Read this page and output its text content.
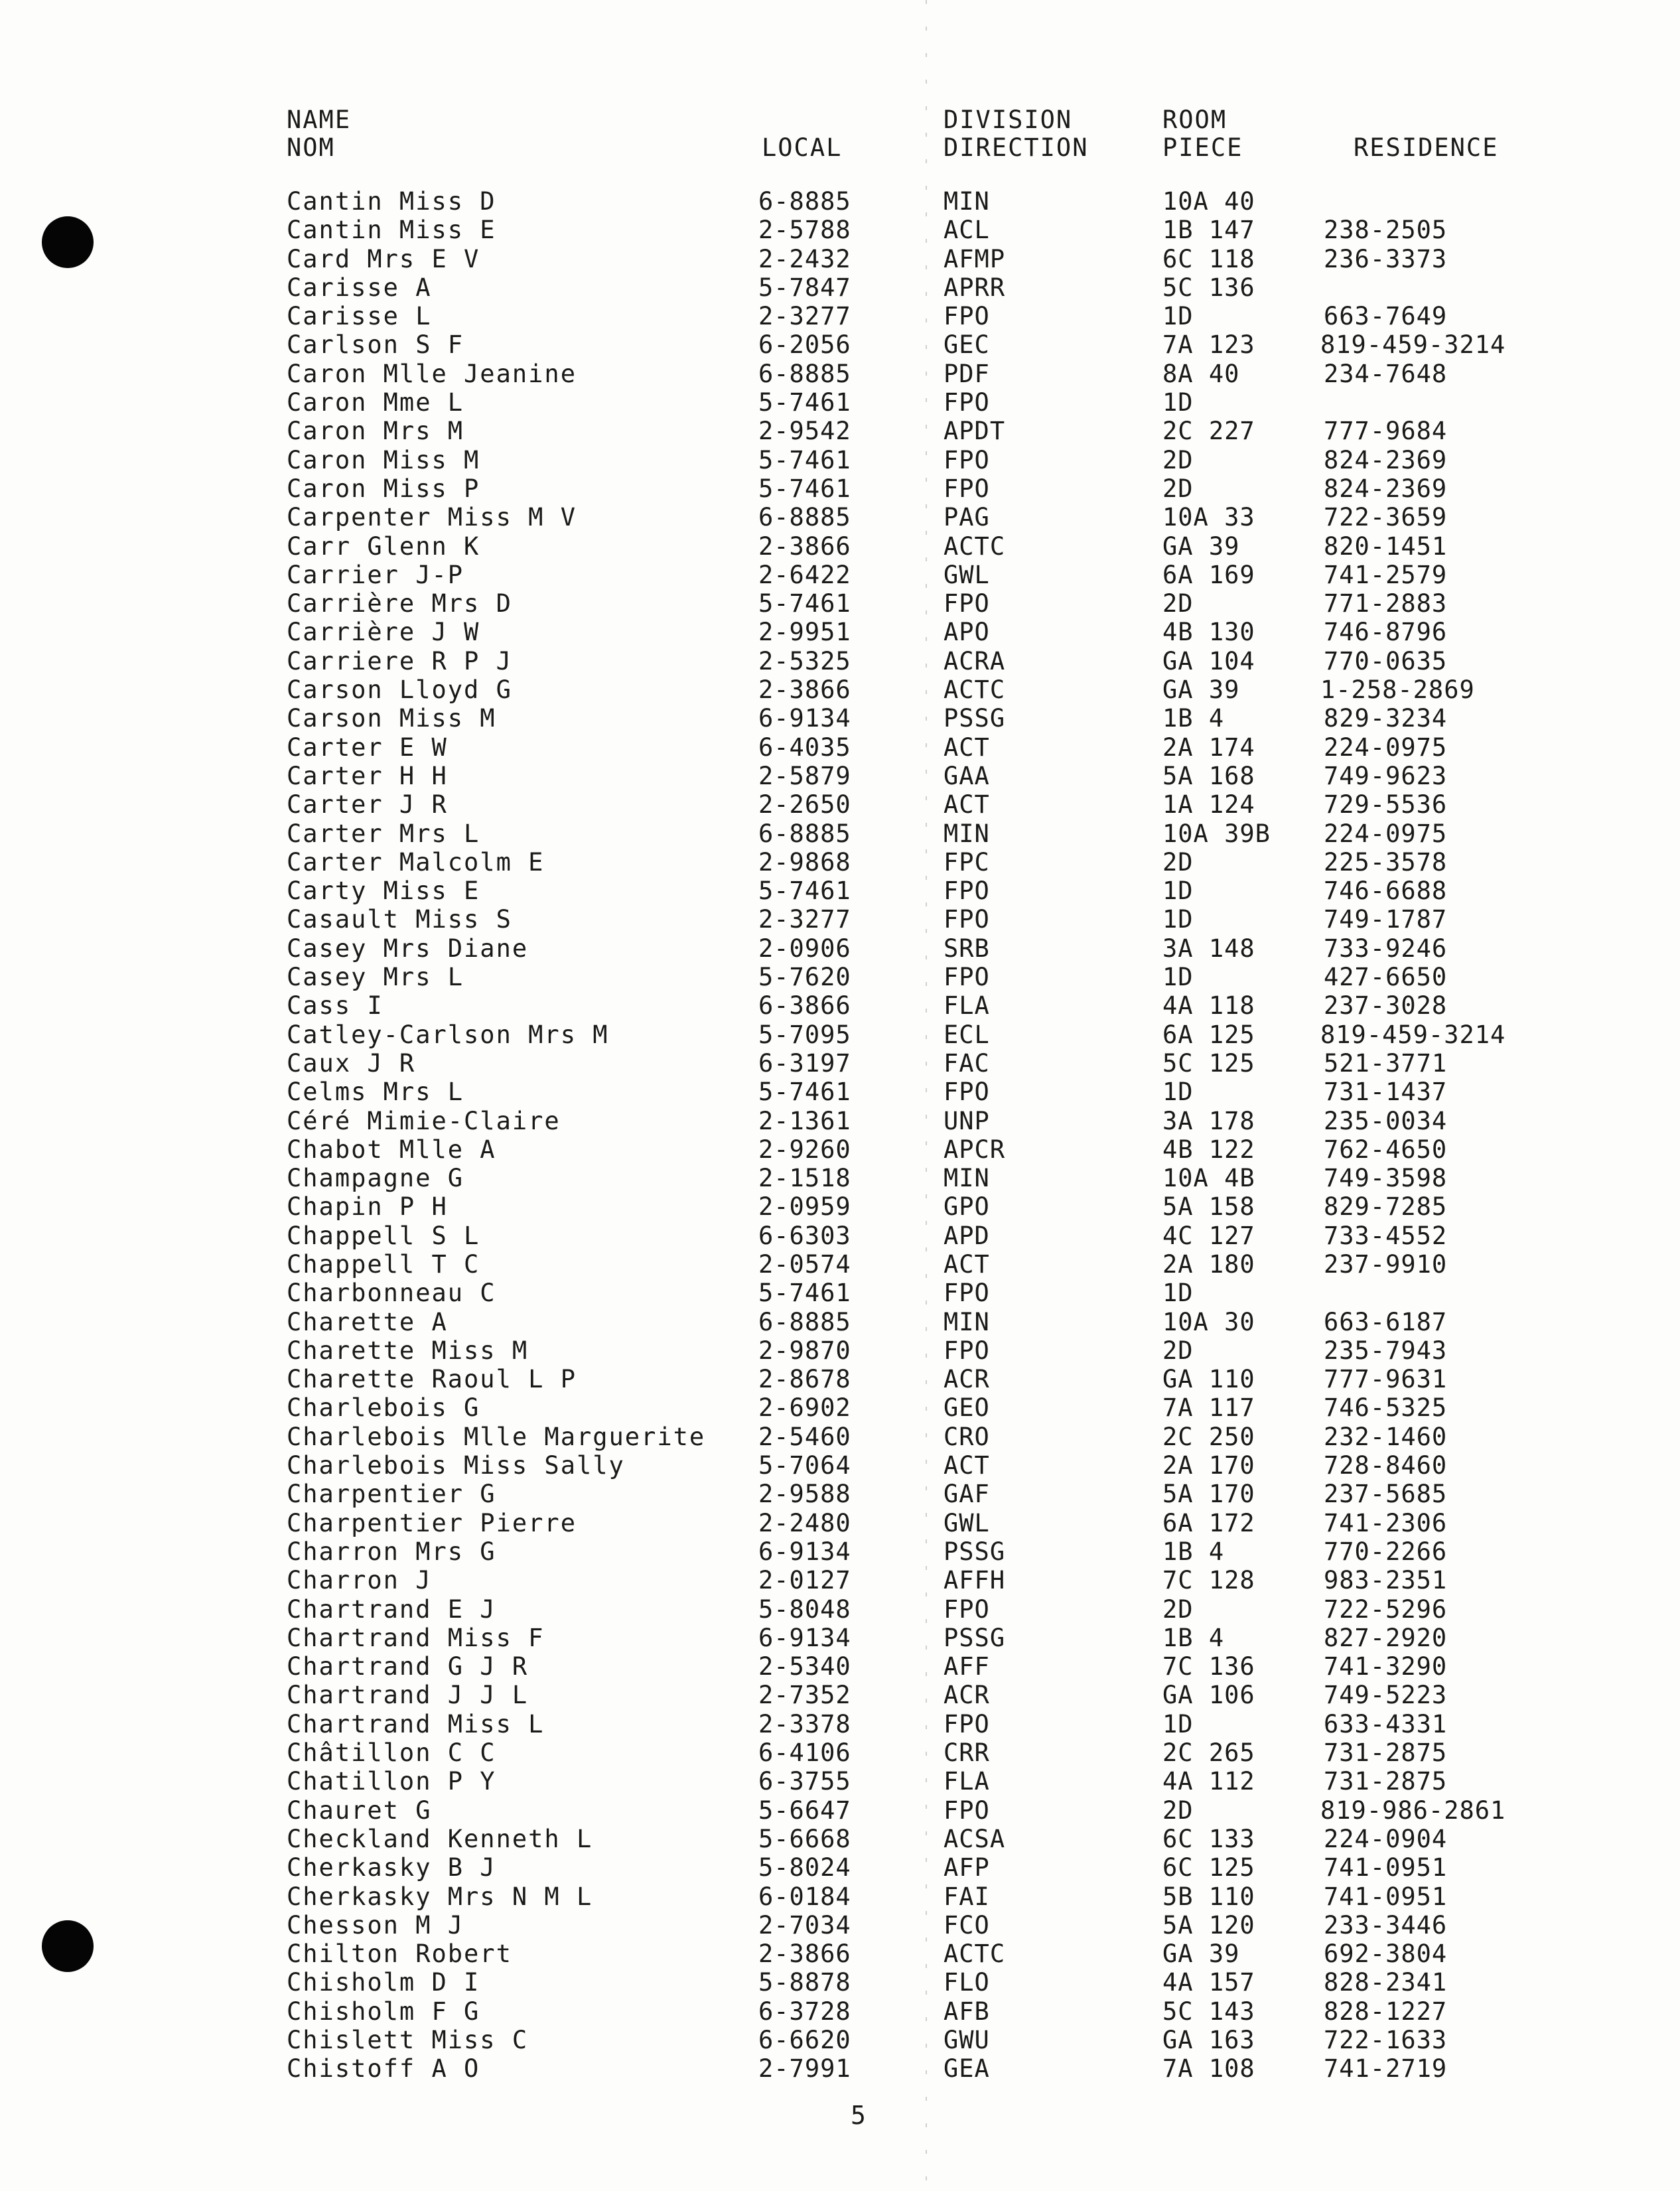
NAME
NOM	LOCAL
DIVISION
DIRECTION
ROOM
PIECE	RESIDENCE
Cantin Miss D	6-8885	MIN	10A 40
Cantin Miss E	2-5788	ACL	1B 147	238-2505
Card Mrs E V	2-2432	AFMP	6C 118	236-3373
Carisse A	5-7847	APRR	5C 136
Carisse L	2-3277	FPO	1D	663-7649
Carlson S F	6-2056	GEC	7A 123	819-459-3214
Caron Mlle Jeanine	6-8885	PDF	8A 40	234-7648
Caron Mme L	5-7461	FPO	1D
Caron Mrs M	2-9542	APDT	2C 227	777-9684
Caron Miss M	5-7461	FPO	2D	824-2369
Caron Miss P	5-7461	FPO	2D	824-2369
Carpenter Miss M V	6-8885	PAG	10A 33	722-3659
Carr Glenn K	2-3866	ACTC	GA 39	820-1451
Carrier J-P	2-6422	GWL	6A 169	741-2579
Carrière Mrs D	5-7461	FPO	2D	771-2883
Carrière J W	2-9951	APO	4B 130	746-8796
Carriere R P J	2-5325	ACRA	GA 104	770-0635
Carson Lloyd G	2-3866	ACTC	GA 39	1-258-2869
Carson Miss M	6-9134	PSSG	1B 4	829-3234
Carter E W	6-4035	ACT	2A 174	224-0975
Carter H H	2-5879	GAA	5A 168	749-9623
Carter J R	2-2650	ACT	1A 124	729-5536
Carter Mrs L	6-8885	MIN	10A 39B 224-0975
Carter Malcolm E	2-9868	FPC	2D	225-3578
Carty Miss E	5-7461	FPO	1D	746-6688
Casault Miss S	2-3277	FPO	1D	749-1787
Casey Mrs Diane	2-0906	SRB	3A 148	733-9246
Casey Mrs L	5-7620	FPO	1D	427-6650
Cass I	6-3866	FLA	4A 118	237-3028
Catley-Carlson Mrs M	5-7095	ECL	6A 125	819-459-3214
Caux J R	6-3197	FAC	5C 125	521-3771
Celms Mrs L	5-7461	FPO	1D	731-1437
Céré Mimie-Claire	2-1361	UNP	3A 178	235-0034
Chabot Mlle A	2-9260	APCR	4B 122	762-4650
Champagne G	2-1518	MIN	10A 4B	749-3598
Chapin P H	2-0959	GPO	5A 158	829-7285
Chappell S L	6-6303	APD	4C 127	733-4552
Chappell T C	2-0574	ACT	2A 180	237-9910
Charbonneau C	5-7461	FPO	1D
Charette A	6-8885	MIN	10A 30	663-6187
Charette Miss M	2-9870	FPO	2D	235-7943
Charette Raoul L P	2-8678	ACR	GA 110	777-9631
Charlebois G	2-6902	GEO	7A 117	746-5325
Charlebois Mlle Marguerite 2-5460	CRO	2C 250	232-1460
Charlebois Miss Sally	5-7064	ACT	2A 170	728-8460
Charpentier G	2-9588	GAF	5A 170	237-5685
Charpentier Pierre	2-2480	GWL	6A 172	741-2306
Charron Mrs G	6-9134	PSSG	1B 4	770-2266
Charron J	2-0127	AFFH	7C 128	983-2351
Chartrand E J	5-8048	FPO	2D	722-5296
Chartrand Miss F	6-9134	PSSG	1B 4	827-2920
Chartrand G J R	2-5340	AFF	7C 136	741-3290
Chartrand J J L	2-7352	ACR	GA 106	749-5223
Chartrand Miss L	2-3378	FPO	1D	633-4331
Châtillon C C	6-4106	CRR	2C 265	731-2875
Chatillon P Y	6-3755	FLA	4A 112	731-2875
Chauret G	5-6647	FPO	2D	819-986-2861
Checkland Kenneth L	5-6668	ACSA	6C 133	224-0904
Cherkasky B J	5-8024	AFP	6C 125	741-0951
Cherkasky Mrs N M L	6-0184	FAI	5B 110	741-0951
Chesson M J	2-7034	FCO	5A 120	233-3446
Chilton Robert	2-3866	ACTC	GA 39	692-3804
Chisholm D I	5-8878	FLO	4A 157	828-2341
Chisholm F G	6-3728	AFB	5C 143	828-1227
Chislett Miss C	6-6620	GWU	GA 163	722-1633
Chistoff A O	2-7991	GEA	7A 108	741-2719
5
